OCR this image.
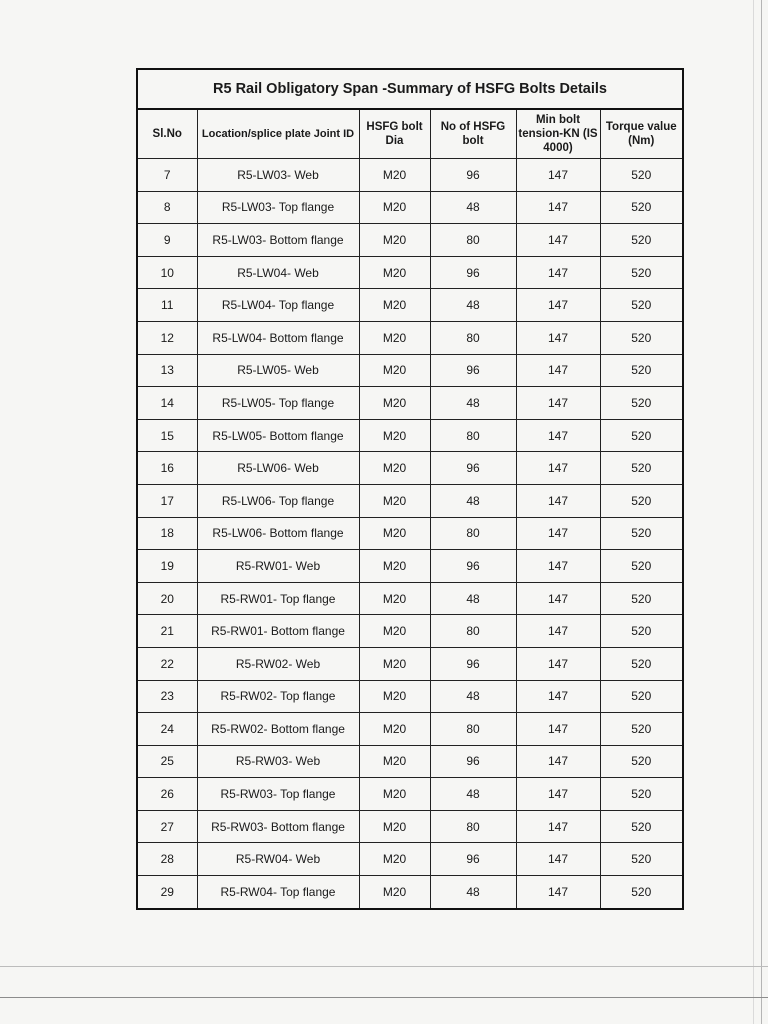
R5 Rail Obligatory Span -Summary of HSFG Bolts Details					
Sl.No	Location/splice plate Joint ID	HSFG bolt Dia	No of HSFG bolt	Min bolt tension-KN (IS 4000)	Torque value (Nm)
7	R5-LW03- Web	M20	96	147	520
8	R5-LW03- Top flange	M20	48	147	520
9	R5-LW03- Bottom flange	M20	80	147	520
10	R5-LW04- Web	M20	96	147	520
11	R5-LW04- Top flange	M20	48	147	520
12	R5-LW04- Bottom flange	M20	80	147	520
13	R5-LW05- Web	M20	96	147	520
14	R5-LW05- Top flange	M20	48	147	520
15	R5-LW05- Bottom flange	M20	80	147	520
16	R5-LW06- Web	M20	96	147	520
17	R5-LW06- Top flange	M20	48	147	520
18	R5-LW06- Bottom flange	M20	80	147	520
19	R5-RW01- Web	M20	96	147	520
20	R5-RW01- Top flange	M20	48	147	520
21	R5-RW01- Bottom flange	M20	80	147	520
22	R5-RW02- Web	M20	96	147	520
23	R5-RW02- Top flange	M20	48	147	520
24	R5-RW02- Bottom flange	M20	80	147	520
25	R5-RW03- Web	M20	96	147	520
26	R5-RW03- Top flange	M20	48	147	520
27	R5-RW03- Bottom flange	M20	80	147	520
28	R5-RW04- Web	M20	96	147	520
29	R5-RW04- Top flange	M20	48	147	520
